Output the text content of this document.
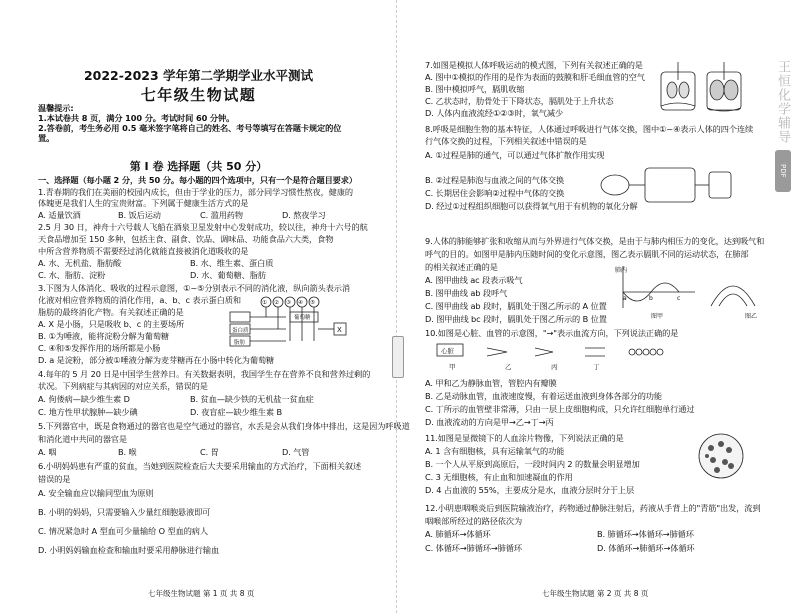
2022-2023 学年第二学期学业水平测试
七年级生物试题
温馨提示:
1.本试卷共 8 页，满分 100 分。考试时间 60 分钟。
2.答卷前，考生务必用 0.5 毫米签字笔将自己的姓名、考号等填写在答题卡规定的位
置。
第 I 卷 选择题（共 50 分）
一、选择题（每小题 2 分，共 50 分。每小题的四个选项中，只有一个是符合题目要求）
1.青春期的我们在美丽的校园内成长，但由于学业的压力，部分同学习惯性熬夜，健康的
体魄更是我们人生的宝贵财富。下列属于健康生活方式的是
A. 适量饮酒	B. 饭后运动	C. 滥用药物	D. 熬夜学习
2.5 月 30 日，神舟十六号载人飞船在酒泉卫星发射中心发射成功，较以往，神舟十六号的航
天食品增加至 150 多种，包括主食、副食、饮品、调味品、功能食品六大类，食物
中所含营养物质不需要经过消化就能直接被消化道吸收的是
A. 水、无机盐、脂肪酸	B. 水、维生素、蛋白质
C. 水、脂肪、淀粉	D. 水、葡萄糖、脂肪
3.下图为人体消化、吸收的过程示意图，①~⑤分别表示不同的消化液，纵向箭头表示消
化液对相应营养物质的消化作用，a、b、c 表示蛋白质和
脂肪的最终消化产物。有关叙述正确的是
A. X 是小肠，只是吸收 b、c 的主要场所
B. ①为唾液，能将淀粉分解为葡萄糖
C. ④和⑤发挥作用的场所都是小肠
D. a 是淀粉，部分被①唾液分解为麦芽糖再在小肠中转化为葡萄糖
① ② ③ ④ ⑤
葡萄糖
蛋白质
脂肪
X
4.每年的 5 月 20 日是中国学生营养日。有关数据表明，我国学生存在营养不良和营养过剩的
状况。下列病症与其病因的对应关系，错误的是
A. 佝偻病—缺少维生素 D	B. 贫血—缺少铁的无机盐一贫血症
C. 地方性甲状腺肿—缺少碘	D. 夜盲症—缺少维生素 B
5.下列器官中，既是食物通过的器官也是空气通过的器官，水丢是会从我们身体中排出，这是因为呼吸道
和消化道中共同的器官是
A. 咽	B. 喉	C. 胃	D. 气管
6.小明妈妈患有严重的贫血，当她到医院检查后大夫要采用输血的方式治疗，下面相关叙述
错误的是
A. 安全输血应以输同型血为原则
B. 小明的妈妈，只需要输入少量红细胞悬液即可
C. 情况紧急时 A 型血可少量输给 O 型血的病人
D. 小明妈妈输血检查和输血时要采用静脉进行输血
七年级生物试题 第 1 页 共 8 页
7.如图是模拟人体呼吸运动的模式图，下列有关叙述正确的是
A. 图中①模拟的作用的是作为表面的鼓膜和肝毛细血管的空气
B. 图中模拟呼气，膈肌收缩
C. 乙状态时，肋骨处于下降状态，膈肌处于上升状态
D. 人体内血液流经①②③时，氧气减少
8.呼吸是细胞生物的基本特征，人体通过呼吸进行气体交换，图中①~④表示人体的四个连续
行气体交换的过程，下列相关叙述中错误的是
A. ①过程是肺的通气，可以通过气体扩散作用实现
B. ②过程是肺泡与血液之间的气体交换
C. 长期居住会影响②过程中气体的交换
D. 经过①过程组织细胞可以获得氧气用于有机物的氧化分解
9.人体的肺能够扩张和收缩从而与外界进行气体交换，是由于与肺内相压力的变化，达到吸气和
呼气的目的。如图甲是肺内压随时间的变化示意图，图乙表示膈肌不同的运动状态，在肺部
的相关叙述正确的是
A. 图甲曲线 ac 段表示吸气
B. 图甲曲线 ab 段呼气
C. 图甲曲线 ab 段时，膈肌处于图乙所示的 A 位置
D. 图甲曲线 bc 段时，膈肌处于图乙所示的 B 位置
肺内
a	b	c
图甲	图乙
10.如图是心脏、血管的示意图，"→"表示血流方向，下列说法正确的是
心脏
甲	乙	丙	丁
A. 甲和乙为静脉血管，管腔内有瓣膜
B. 乙是动脉血管，血液速度慢，有着运送血液到身体各部分的功能
C. 丁所示的血管壁非常薄，只由一层上皮细胞构成，只允许红细胞单行通过
D. 血液流动的方向是甲→乙→丁→丙
11.如图是显微镜下的人血涂片物像，下列说法正确的是
A. 1 含有细胞核，具有运输氧气的功能
B. 一个人从平原到高原后，一段时间内 2 的数量会明显增加
C. 3 无细胞核，有止血和加速凝血的作用
D. 4 占血液的 55%，主要成分是水，血液分层时分于上层
12.小明患咽喉炎后到医院输液治疗，药物通过静脉注射后，药液从手背上的"青筋"出发，流到
咽喉部所经过的路径依次为
A. 肺循环→体循环	B. 肺循环→体循环→肺循环
C. 体循环→肺循环→肺循环	D. 体循环→肺循环→体循环
七年级生物试题 第 2 页 共 8 页
王恒化学辅导
PDF
